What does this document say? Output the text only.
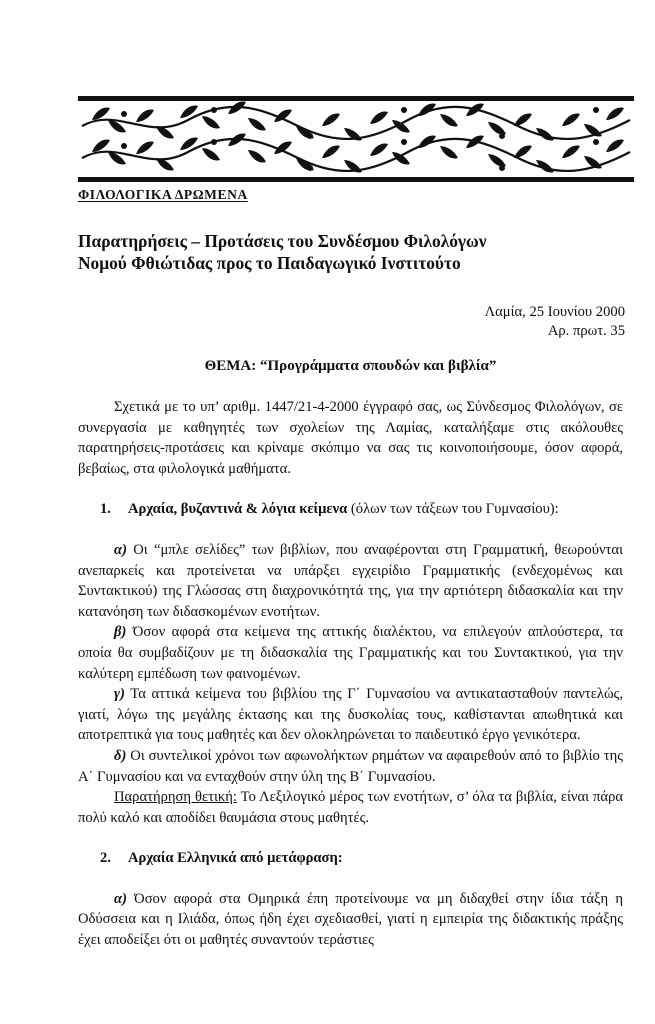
ΦΙΛΟΛΟΓΙΚΑ ΔΡΩΜΕΝΑ
Παρατηρήσεις – Προτάσεις του Συνδέσμου Φιλολόγων
Νομού Φθιώτιδας προς το Παιδαγωγικό Ινστιτούτο
Λαμία, 25 Ιουνίου 2000
Αρ. πρωτ. 35
ΘΕΜΑ: “Προγράμματα σπουδών και βιβλία”

Σχετικά με το υπ’ αριθμ. 1447/21-4-2000 έγγραφό σας, ως Σύνδεσμος Φιλολόγων, σε συνεργασία με καθηγητές των σχολείων της Λαμίας, καταλήξαμε στις ακόλουθες παρατηρήσεις-προτάσεις και κρίναμε σκόπιμο να σας τις κοινοποιήσουμε, όσον αφορά, βεβαίως, στα φιλολογικά μαθήματα.

1.	Αρχαία, βυζαντινά & λόγια κείμενα (όλων των τάξεων του Γυμνασίου):

α) Οι “μπλε σελίδες” των βιβλίων, που αναφέρονται στη Γραμματική, θεωρούνται ανεπαρκείς και προτείνεται να υπάρξει εγχειρίδιο Γραμματικής (ενδεχομένως και Συντακτικού) της Γλώσσας στη διαχρονικότητά της, για την αρτιότερη διδασκαλία και την κατανόηση των διδασκομένων ενοτήτων.

β) Όσον αφορά στα κείμενα της αττικής διαλέκτου, να επιλεγούν απλούστερα, τα οποία θα συμβαδίζουν με τη διδασκαλία της Γραμματικής και του Συντακτικού, για την καλύτερη εμπέδωση των φαινομένων.

γ) Τα αττικά κείμενα του βιβλίου της Γ΄ Γυμνασίου να αντικατασταθούν παντελώς, γιατί, λόγω της μεγάλης έκτασης και της δυσκολίας τους, καθίστανται απωθητικά και αποτρεπτικά για τους μαθητές και δεν ολοκληρώνεται το παιδευτικό έργο γενικότερα.

δ) Οι συντελικοί χρόνοι των αφωνολήκτων ρημάτων να αφαιρεθούν από το βιβλίο της Α΄ Γυμνασίου και να ενταχθούν στην ύλη της Β΄ Γυμνασίου.

Παρατήρηση θετική: Το Λεξιλογικό μέρος των ενοτήτων, σ’ όλα τα βιβλία, είναι πάρα πολύ καλό και αποδίδει θαυμάσια στους μαθητές.

2.	Αρχαία Ελληνικά από μετάφραση:

α) Όσον αφορά στα Ομηρικά έπη προτείνουμε να μη διδαχθεί στην ίδια τάξη η Οδύσσεια και η Ιλιάδα, όπως ήδη έχει σχεδιασθεί, γιατί η εμπειρία της διδακτικής πράξης έχει αποδείξει ότι οι μαθητές συναντούν τεράστιες
